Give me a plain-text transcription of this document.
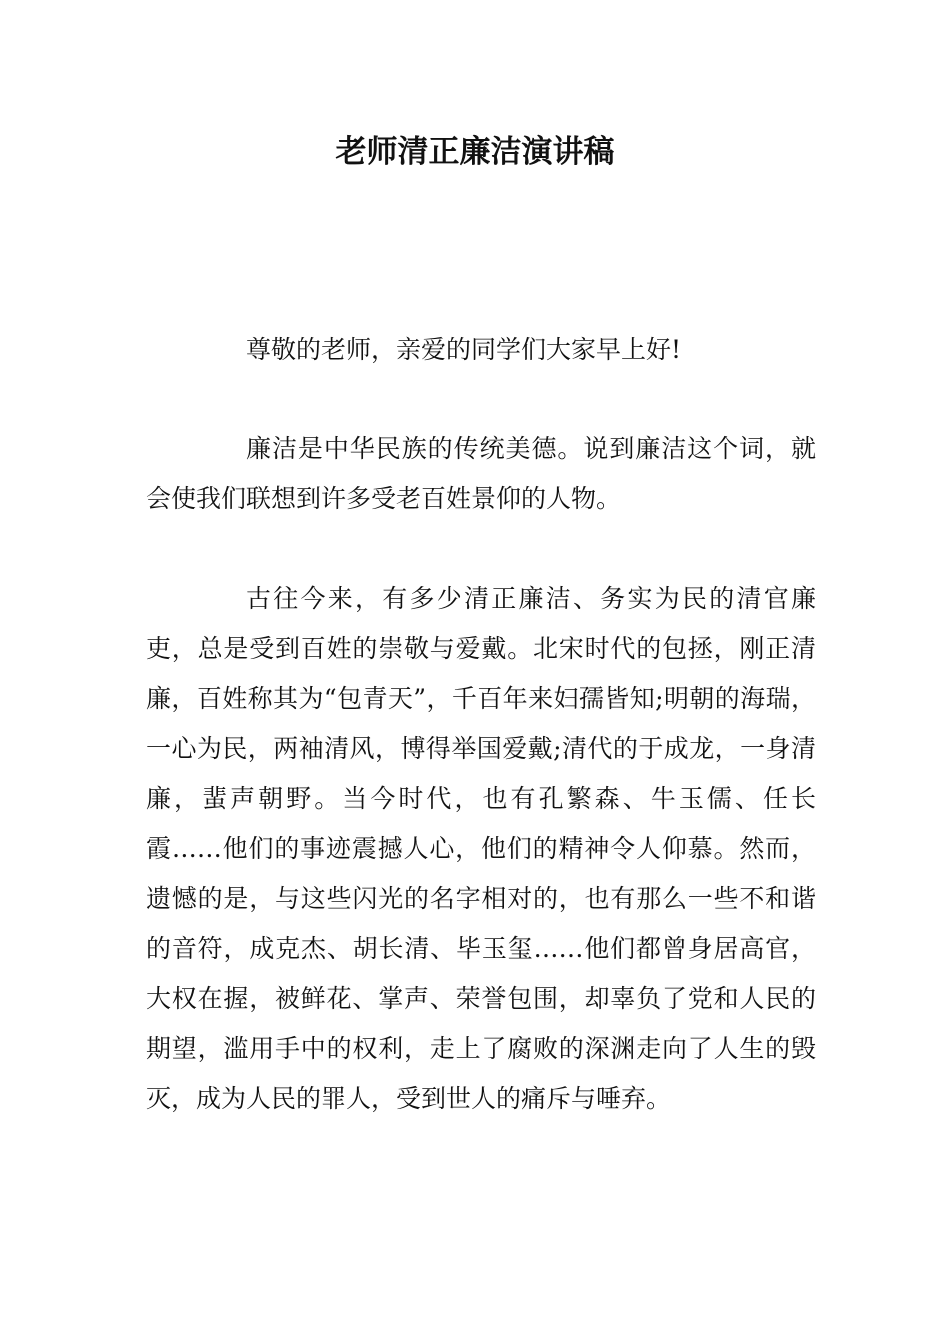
老师清正廉洁演讲稿

尊敬的老师，亲爱的同学们大家早上好!

廉洁是中华民族的传统美德。说到廉洁这个词，就会使我们联想到许多受老百姓景仰的人物。

古往今来，有多少清正廉洁、务实为民的清官廉吏，总是受到百姓的崇敬与爱戴。北宋时代的包拯，刚正清廉，百姓称其为“包青天”，千百年来妇孺皆知;明朝的海瑞，一心为民，两袖清风，博得举国爱戴;清代的于成龙，一身清廉，蜚声朝野。当今时代，也有孔繁森、牛玉儒、任长霞……他们的事迹震撼人心，他们的精神令人仰慕。然而，遗憾的是，与这些闪光的名字相对的，也有那么一些不和谐的音符，成克杰、胡长清、毕玉玺……他们都曾身居高官，大权在握，被鲜花、掌声、荣誉包围，却辜负了党和人民的期望，滥用手中的权利，走上了腐败的深渊走向了人生的毁灭，成为人民的罪人，受到世人的痛斥与唾弃。
